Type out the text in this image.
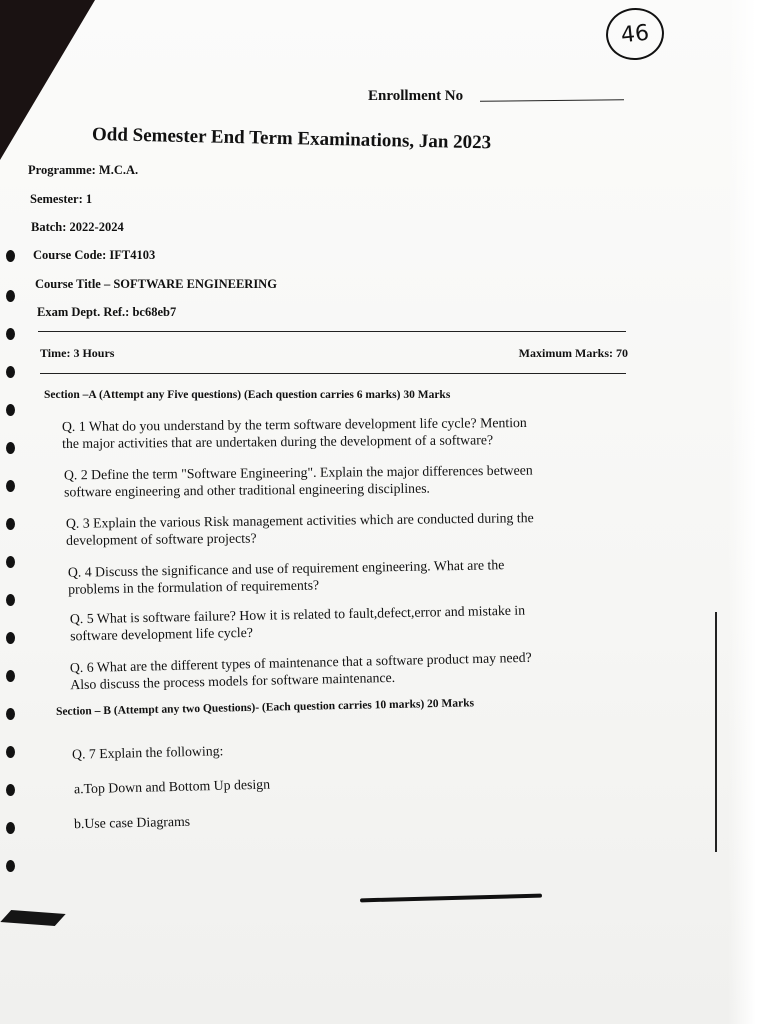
46
Enrollment No
Odd Semester End Term Examinations, Jan 2023
Programme: M.C.A.
Semester: 1
Batch: 2022-2024
Course Code: IFT4103
Course Title – SOFTWARE ENGINEERING
Exam Dept. Ref.: bc68eb7
Time: 3 Hours	Maximum Marks: 70
Section –A (Attempt any Five questions) (Each question carries 6 marks) 30 Marks
Q. 1 What do you understand by the term software development life cycle? Mention
the major activities that are undertaken during the development of a software?
Q. 2 Define the term "Software Engineering". Explain the major differences between
software engineering and other traditional engineering disciplines.
Q. 3 Explain the various Risk management activities which are conducted during the
development of software projects?
Q. 4 Discuss the significance and use of requirement engineering. What are the
problems in the formulation of requirements?
Q. 5 What is software failure? How it is related to fault,defect,error and mistake in
software development life cycle?
Q. 6 What are the different types of maintenance that a software product may need?
Also discuss the process models for software maintenance.
Section – B (Attempt any two Questions)- (Each question carries 10 marks) 20 Marks
Q. 7 Explain the following:
a.Top Down and Bottom Up design
b.Use case Diagrams
